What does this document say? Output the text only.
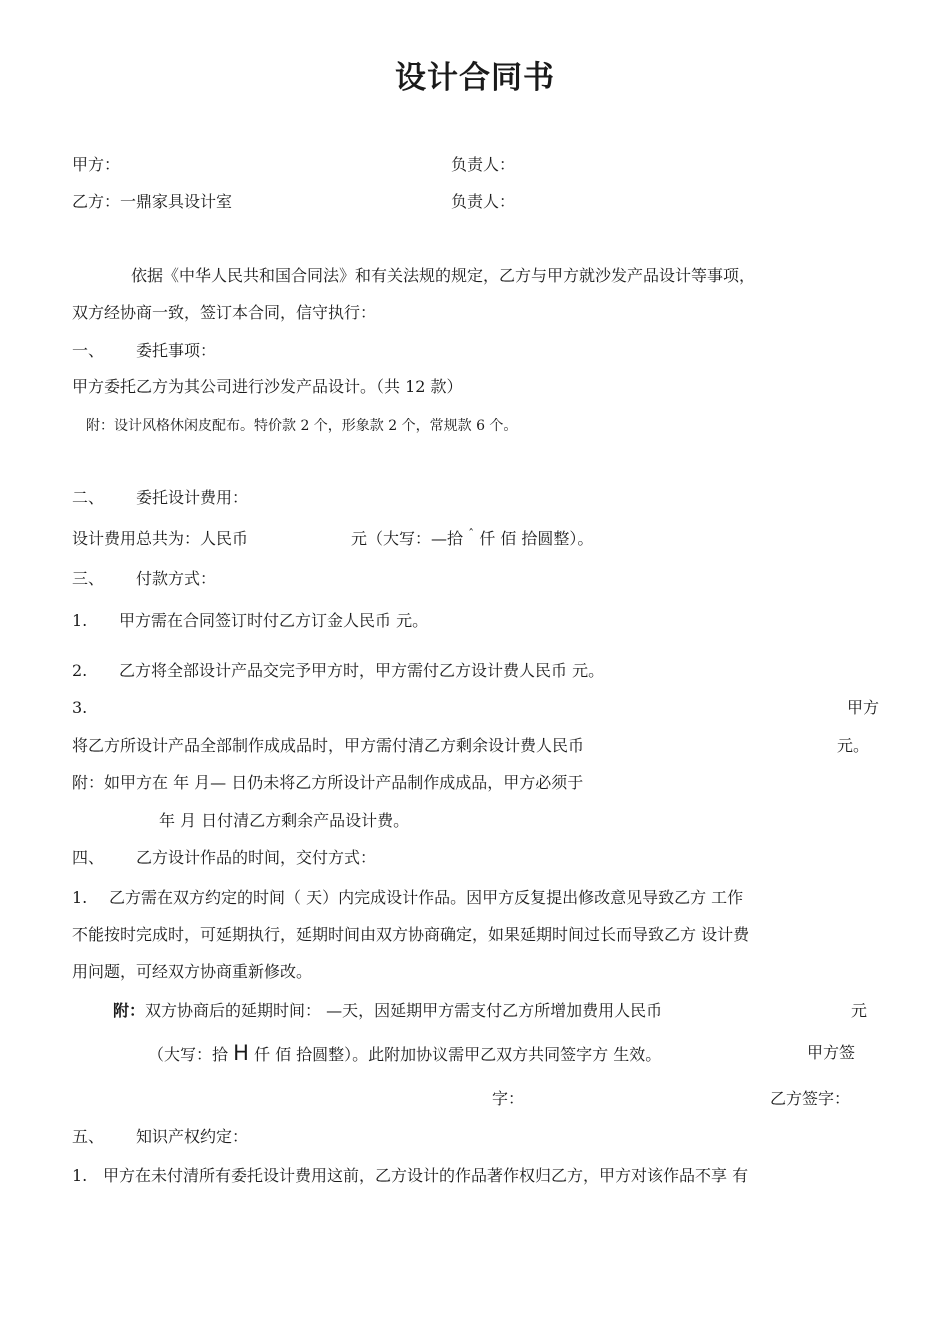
设计合同书
甲方：	负责人：
乙方：一鼎家具设计室	负责人：
依据《中华人民共和国合同法》和有关法规的规定，乙方与甲方就沙发产品设计等事项，
双方经协商一致，签订本合同，信守执行：
一、 委托事项：
甲方委托乙方为其公司进行沙发产品设计。（共 12 款）
附：设计风格休闲皮配布。特价款 2 个，形象款 2 个，常规款 6 个。
二、 委托设计费用：
设计费用总共为：人民币	元（大写：—拾 $^ˆ$ 仟 佰 拾圆整）。
三、 付款方式：
1. 甲方需在合同签订时付乙方订金人民币 元。
2. 乙方将全部设计产品交完予甲方时，甲方需付乙方设计费人民币 元。
3.	甲方
将乙方所设计产品全部制作成成品时，甲方需付清乙方剩余设计费人民币	元。
附：如甲方在 年 月— 日仍未将乙方所设计产品制作成成品，甲方必须于
年 月 日付清乙方剩余产品设计费。
四、 乙方设计作品的时间，交付方式：
1. 乙方需在双方约定的时间（ 天）内完成设计作品。因甲方反复提出修改意见导致乙方 工作
不能按时完成时，可延期执行，延期时间由双方协商确定，如果延期时间过长而导致乙方 设计费
用问题，可经双方协商重新修改。
附：双方协商后的延期时间： —天，因延期甲方需支付乙方所增加费用人民币	元
（大写：拾 H 仟 佰 拾圆整）。此附加协议需甲乙双方共同签字方 生效。	甲方签
字：	乙方签字：
五、 知识产权约定：
1. 甲方在未付清所有委托设计费用这前，乙方设计的作品著作权归乙方，甲方对该作品不享 有
